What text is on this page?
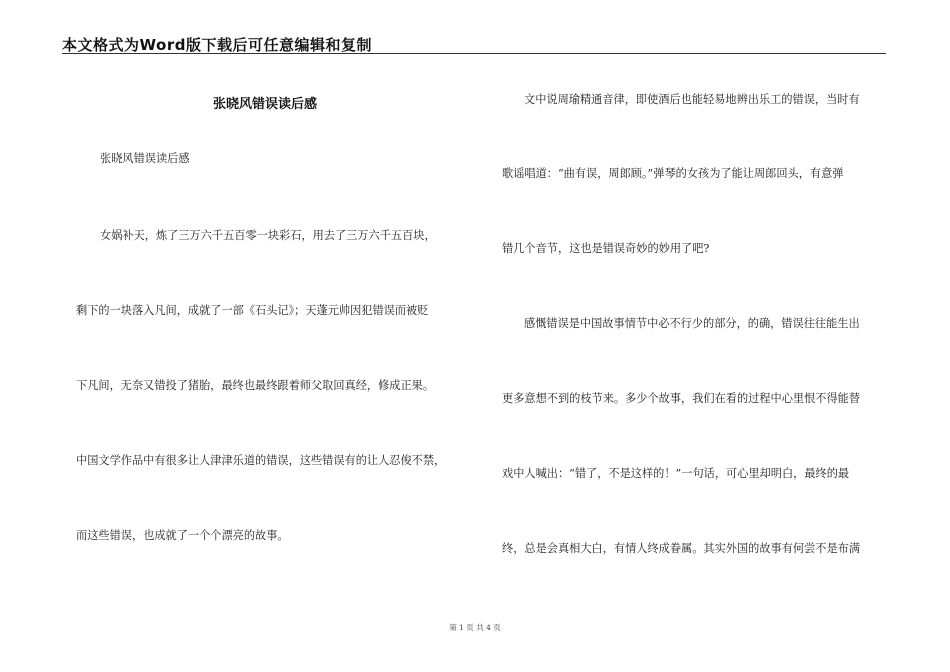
本文格式为Word版下载后可任意编辑和复制
张晓风错误读后感
张晓风错误读后感
女娲补天，炼了三万六千五百零一块彩石，用去了三万六千五百块，
剩下的一块落入凡间，成就了一部《石头记》；天蓬元帅因犯错误而被贬
下凡间，无奈又错投了猪胎，最终也最终跟着师父取回真经，修成正果。
中国文学作品中有很多让人津津乐道的错误，这些错误有的让人忍俊不禁，
而这些错误，也成就了一个个漂亮的故事。
文中说周瑜精通音律，即使酒后也能轻易地辨出乐工的错误，当时有
歌谣唱道：“曲有误，周郎顾。”弹琴的女孩为了能让周郎回头，有意弹
错几个音节，这也是错误奇妙的妙用了吧?
感慨错误是中国故事情节中必不行少的部分，的确，错误往往能生出
更多意想不到的枝节来。多少个故事，我们在看的过程中心里恨不得能替
戏中人喊出：“错了，不是这样的！”一句话，可心里却明白，最终的最
终，总是会真相大白，有情人终成眷属。其实外国的故事有何尝不是布满
第 1 页 共 4 页
